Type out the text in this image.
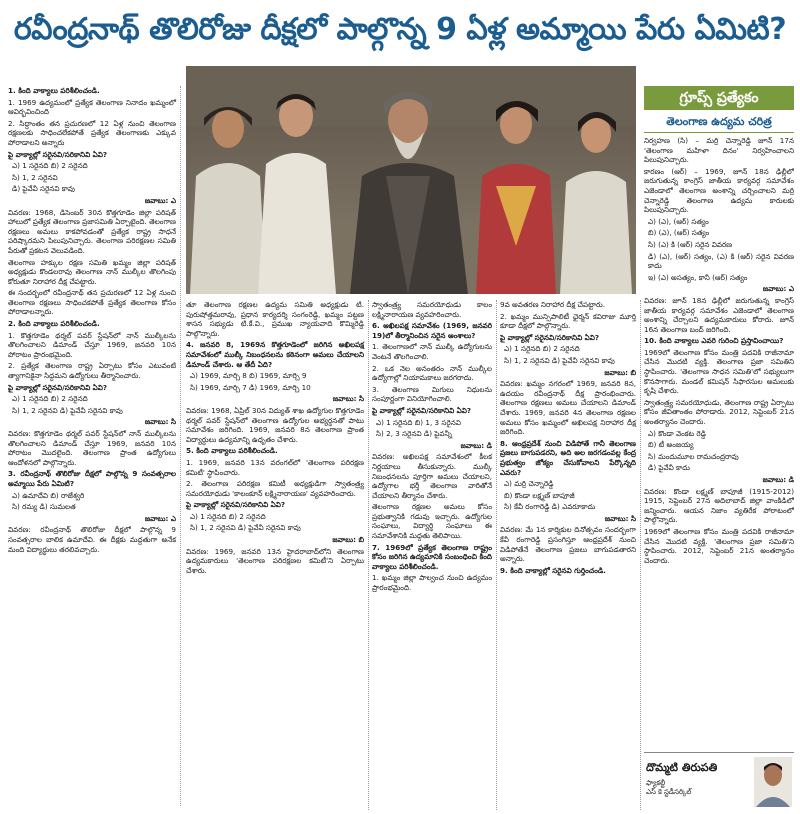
రవీంద్రనాథ్ తొలిరోజు దీక్షలో పాల్గొన్న 9 ఏళ్ల అమ్మాయి పేరు ఏమిటి?

1. కింది వాక్యాలు పరిశీలించండి.

1. 1969 ఉద్యమంలో ప్రత్యేక తెలంగాణ నినాదం ఖమ్మంలో ఆవిర్భవించింది

2. సిద్ధాంతం తన ప్రచురణలో 12 ఏళ్ల నుంచి తెలంగాణ రక్షణలకు సాధించలేకపోతే ప్రత్యేక తెలంగాణకు ఎక్కువ పోరాడాలని అన్నారు

పై వాక్యాల్లో సరైనవి/సరికానివి ఏవి?

ఎ) 1 సరైనది బి) 2 సరైనది

సి) 1, 2 సరైనవి

డి) పైవేవీ సరైనవి కావు

జవాబు: ఎ

వివరణ: 1968, డిసెంబర్ 30న కొత్తగూడెం జిల్లా పరిషత్ హాలులో ప్రత్యేక తెలంగాణ ప్రజాసమితి ఏర్పాటైంది. తెలంగాణ రక్షణలు అమలు కాకపోవడంతో ప్రత్యేక రాష్ట్ర సాధనే పరిష్కారమని పిలుపునిచ్చారు. తెలంగాణ పరిరక్షణల సమితి పేరుతో ప్రకటన వెలువడింది.

తెలంగాణ హక్కుల రక్షణ సమితి ఖమ్మం జిల్లా పరిషత్ అధ్యక్షుడు కొండలరావు తెలంగాణ నాన్ ముల్కీల తొలగింపు కోరుతూ నిరాహార దీక్ష చేపట్టారు.

ఈ సందర్భంలో రవీంద్రనాథ్ తన ప్రచురణలో 12 ఏళ్ల నుంచి తెలంగాణ రక్షణలు సాధించకపోతే ప్రత్యేక తెలంగాణ కోసం పోరాడాలన్నారు.

2. కింది వాక్యాలు పరిశీలించండి.

1. కొత్తగూడెం థర్మల్ పవర్ స్టేషన్‌లో నాన్ ముల్కీలను తొలగించాలని డిమాండ్ చేస్తూ 1969, జనవరి 10న పోరాటం ప్రారంభమైంది.

2. ప్రత్యేక తెలంగాణ రాష్ట్ర ఏర్పాటు కోసం ఎటువంటి త్యాగానికైనా సిద్ధమని ఉద్యోగులు తీర్మానించారు.

పై వాక్యాల్లో సరైనవి/సరికానివి ఏవి?

ఎ) 1 సరైనది బి) 2 సరైనది

సి) 1, 2 సరైనవి డి) పైవేవీ సరైనవి కావు

జవాబు: సి

వివరణ: కొత్తగూడెం థర్మల్ పవర్ స్టేషన్‌లో నాన్ ముల్కీలను తొలగించాలని డిమాండ్ చేస్తూ 1969, జనవరి 10న పోరాటం మొదలైంది. తెలంగాణ ప్రాంత ఉద్యోగులు ఆందోళనలో పాల్గొన్నారు.

3. రవీంద్రనాథ్ తొలిరోజు దీక్షలో పాల్గొన్న 9 సంవత్సరాల అమ్మాయి పేరు ఏమిటి?

ఎ) ఉమాదేవి బి) రాజేశ్వరి

సి) రమ్య డి) సుమలత

జవాబు: ఎ

వివరణ: రవీంద్రనాథ్ తొలిరోజు దీక్షలో పాల్గొన్న 9 సంవత్సరాల బాలిక ఉమాదేవి. ఈ దీక్షకు మద్దతుగా అనేక మంది విద్యార్థులు తరలివచ్చారు.

గ్రూప్స్ ప్రత్యేకం
తెలంగాణ ఉద్యమ చరిత్ర

తూ తెలంగాణ రక్షణల ఉద్యమ సమితి అధ్యక్షుడు టి. పురుషోత్తమరావు, ప్రధాన కార్యదర్శి సంగంరెడ్డి, ఖమ్మం పట్టణ శాసన సభ్యుడు టి.కే.వి., ప్రముఖ న్యాయవాది కొమ్మిరెడ్డి పాల్గొన్నారు.

4. జనవరి 8, 1969న కొత్తగూడెంలో జరిగిన అఖిలపక్ష సమావేశంలో ముల్కీ నిబంధనలను కఠినంగా అమలు చేయాలని డిమాండ్ చేశారు. ఆ తేదీ ఏది?

ఎ) 1969, మార్చి 8 బి) 1969, మార్చి 9

సి) 1969, మార్చి 7 డి) 1969, మార్చి 10

జవాబు: సి

వివరణ: 1968, ఏప్రిల్ 30న విద్యుత్ శాఖ ఉద్యోగుల కొత్తగూడెం థర్మల్ పవర్ స్టేషన్‌లో తెలంగాణ ఉద్యోగుల అభ్యర్థనతో పాటు సమావేశం జరిగింది. 1969, జనవరి 8న తెలంగాణ ప్రాంత విద్యార్థులు ఉద్యమాన్ని ఉధృతం చేశారు.

5. కింది వాక్యాలు పరిశీలించండి.

1. 1969, జనవరి 13న వరంగల్‌లో 'తెలంగాణ పరిరక్షణ కమిటీ' స్థాపించారు.

2. తెలంగాణ పరిరక్షణ కమిటీ అధ్యక్షుడిగా స్వాతంత్ర్య సమరయోధుడు 'కాలంకూన్ లక్ష్మినారాయణ' వ్యవహరించారు.

పై వాక్యాల్లో సరైనవి/సరికానివి ఏవి?

ఎ) 1 సరైనది బి) 2 సరైనది

సి) 1, 2 సరైనవి డి) పైవేవీ సరైనవి కావు

జవాబు: బి

వివరణ: 1969, జనవరి 13న హైదరాబాద్‌లోని తెలంగాణ ఉద్యమకారులు 'తెలంగాణ పరిరక్షణల కమిటీ'ని ఏర్పాటు చేశారు.

స్వాతంత్ర్య సమరయోధుడు కాలం లక్ష్మినారాయణ వ్యవహరించారు.

6. అఖిలపక్ష సమావేశం (1969, జనవరి 19)లో తీర్మానించిన సరైన అంశాలు?

1. తెలంగాణలో నాన్ ముల్కీ ఉద్యోగులను వెంటనే తొలగించాలి.

2. ఒక నెల అనంతరం నాన్ ముల్కీల ఉద్యోగాల్లో నియామకాలు జరగరాదు.

3. తెలంగాణ మిగులు నిధులను సంపూర్ణంగా వినియోగించాలి.

పై వాక్యాల్లో సరైనవి/సరికానివి ఏవి?

ఎ) 1 సరైనది బి) 1, 3 సరైనవి

సి) 2, 3 సరైనవి డి) పైవన్నీ

జవాబు: డి

వివరణ: అఖిలపక్ష సమావేశంలో కీలక నిర్ణయాలు తీసుకున్నారు. ముల్కీ నిబంధనలను పూర్తిగా అమలు చేయాలని, ఉద్యోగాల భర్తీ తెలంగాణ వారితోనే చేయాలని తీర్మానం చేశారు.

తెలంగాణ రక్షణల అమలు కోసం ప్రభుత్వానికి గడువు ఇచ్చారు. ఉద్యోగుల సంఘాలు, విద్యార్థి సంఘాలు ఈ సమావేశానికి మద్దతు తెలిపాయి.

7. 1969లో ప్రత్యేక తెలంగాణ రాష్ట్రం కోసం జరిగిన ఉద్యమానికి సంబంధించి కింది వాక్యాలు పరిశీలించండి.

1. ఖమ్మం జిల్లా పాల్వంచ నుంచి ఉద్యమం ప్రారంభమైంది.

9వ అవతరణ నిరాహార దీక్ష చేపట్టారు.

2. ఖమ్మం మున్సిపాలిటీ ఛైర్మన్ కవిరాజు మూర్తి కూడా దీక్షలో పాల్గొన్నారు.

పై వాక్యాల్లో సరైనవి/సరికానివి ఏవి?

ఎ) 1 సరైనది బి) 2 సరైనది

సి) 1, 2 సరైనవి డి) పైవేవీ సరైనవి కావు

జవాబు: బి

వివరణ: ఖమ్మం నగరంలో 1969, జనవరి 8న, ఉదయం రవీంద్రనాథ్ దీక్ష ప్రారంభించారు. తెలంగాణ రక్షణలు అమలు చేయాలని డిమాండ్ చేశారు. 1969, జనవరి 4న తెలంగాణ రక్షణల అమలు కోసం ఖమ్మంలో అఖిలపక్ష నిరాహార దీక్ష జరిగింది.

8. ఆంధ్రప్రదేశ్ నుంచి విడిపోతే గానీ తెలంగాణ ప్రజలు బాగుపడరని, అది అల జరగడంవల్ల కేంద్ర ప్రభుత్వం జోక్యం చేసుకోవాలని పేర్కొన్నది ఎవరు?

ఎ) మర్రి చెన్నారెడ్డి

బి) కొండా లక్ష్మణ్ బాపూజీ

సి) కేవీ రంగారెడ్డి డి) ఎవరూకాదు

జవాబు: సి

వివరణ: మే 1న కార్మికుల దినోత్సవం సందర్భంగా కేవీ రంగారెడ్డి ప్రసంగిస్తూ ఆంధ్రప్రదేశ్ నుంచి విడిపోతేనే తెలంగాణ ప్రజలు బాగుపడతారని అన్నారు.

9. కింది వాక్యాల్లో సరైనవి గుర్తించండి.

నిర్వహణ (సి) – మర్రి చెన్నారెడ్డి జూన్ 17న 'తెలంగాణ మహిళా దినం' నిర్వహించాలని పిలుపునిచ్చారు.

కారణం (ఆర్) – 1969, జూన్ 18న ఢిల్లీలో జరుగుతున్న కాంగ్రెస్ జాతీయ కార్యవర్గ సమావేశం ఎజెండాలో తెలంగాణ అంశాన్ని చర్చించాలని మర్రి చెన్నారెడ్డి తెలంగాణ ఉద్యమ కారులకు పిలుపునిచ్చారు.

ఎ) (ఎ), (ఆర్) సత్యం

బి) (ఎ), (ఆర్) సత్యం

సి) (ఎ) కి (ఆర్) సరైన వివరణ

డి) (ఎ), (ఆర్) సత్యం, (ఎ) కి (ఆర్) సరైన వివరణ కాదు

ఇ) (ఎ) అసత్యం, కానీ (ఆర్) సత్యం

జవాబు: ఎ

వివరణ: జూన్ 18న ఢిల్లీలో జరుగుతున్న కాంగ్రెస్ జాతీయ కార్యవర్గ సమావేశం ఎజెండాలో తెలంగాణ అంశాన్ని చేర్చాలని ఉద్యమకారులు కోరారు. జూన్ 16న తెలంగాణ బంద్ జరిగింది.

10. కింది వాక్యాలు ఎవరి గురించి ప్రస్తావించాయి?

1969లో తెలంగాణ కోసం మంత్రి పదవికి రాజీనామా చేసిన మొదటి వ్యక్తి. తెలంగాణ ప్రజా సమితిని స్థాపించారు. 'తెలంగాణ సాధన సమితి'లో సభ్యులుగా కొనసాగారు. మండల్ కమిషన్ సిఫారసుల అమలుకు కృషి చేశారు.

స్వాతంత్ర్య సమరయోధుడు, తెలంగాణ రాష్ట్ర ఏర్పాటు కోసం జీవితాంతం పోరాడారు. 2012, సెప్టెంబర్ 21న అంతర్యానం చెందారు.

ఎ) కొండా వెంకట రెడ్డి

బి) టీ అంజయ్య

సి) మందుమూల రామచంద్రరావు

డి) పైవేవీ కాదు

జవాబు: డి

వివరణ: కొండా లక్ష్మణ్ బాపూజీ (1915-2012) 1915, సెప్టెంబర్ 27న అదిలాబాద్ జిల్లా వాంకిడిలో జన్మించారు. ఆయన నిజాం వ్యతిరేక పోరాటంలో పాల్గొన్నారు.

1969లో తెలంగాణ కోసం మంత్రి పదవికి రాజీనామా చేసిన మొదటి వ్యక్తి. 'తెలంగాణ ప్రజా సమితి'ని స్థాపించారు. 2012, సెప్టెంబర్ 21న అంతర్యానం చెందారు.

దొమ్మటి తిరుపతి
ఫ్యాకల్టీ
ఎస్ కె స్టడీసర్కిల్
